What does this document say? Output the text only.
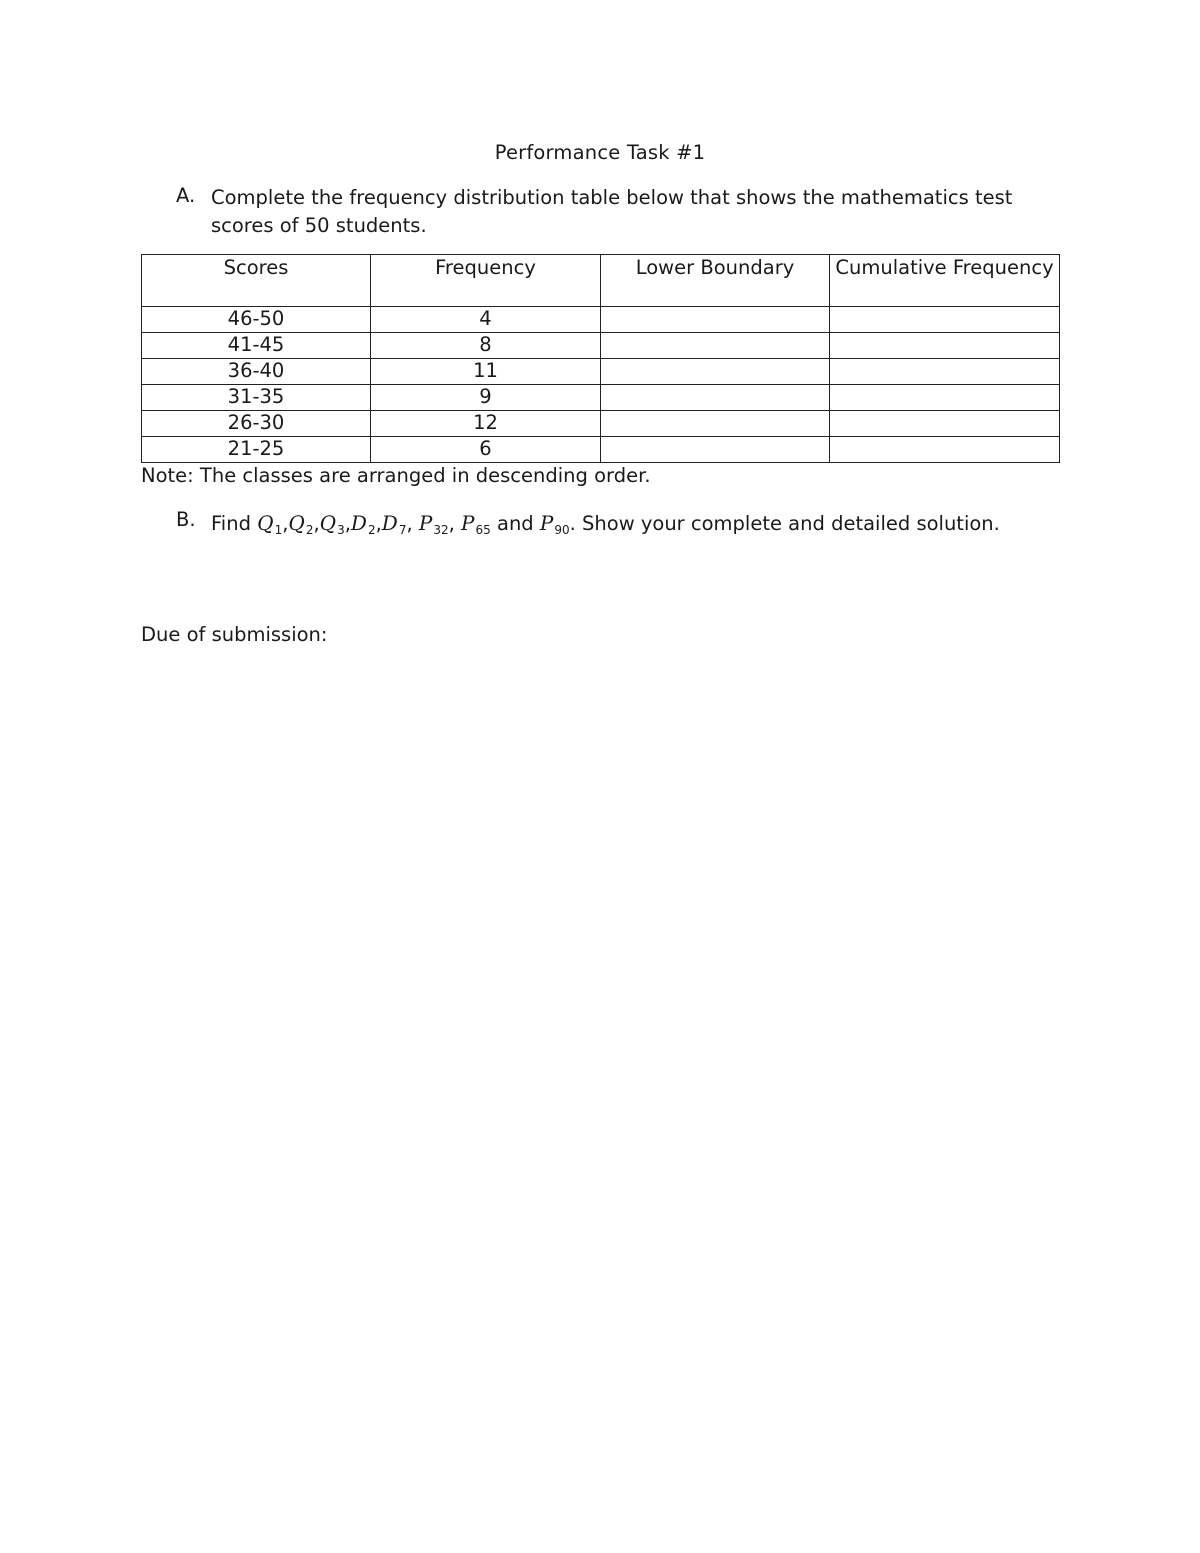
Performance Task #1
A. Complete the frequency distribution table below that shows the mathematics test scores of 50 students.
Scores	Frequency	Lower Boundary	Cumulative Frequency
46-50	4		
41-45	8		
36-40	11		
31-35	9		
26-30	12		
21-25	6		
Note: The classes are arranged in descending order.
B. Find $Q_1,Q_2,Q_3,D_2,D_7$, $P_{32}$, $P_{65}$ and $P_{90}$. Show your complete and detailed solution.
Due of submission:
